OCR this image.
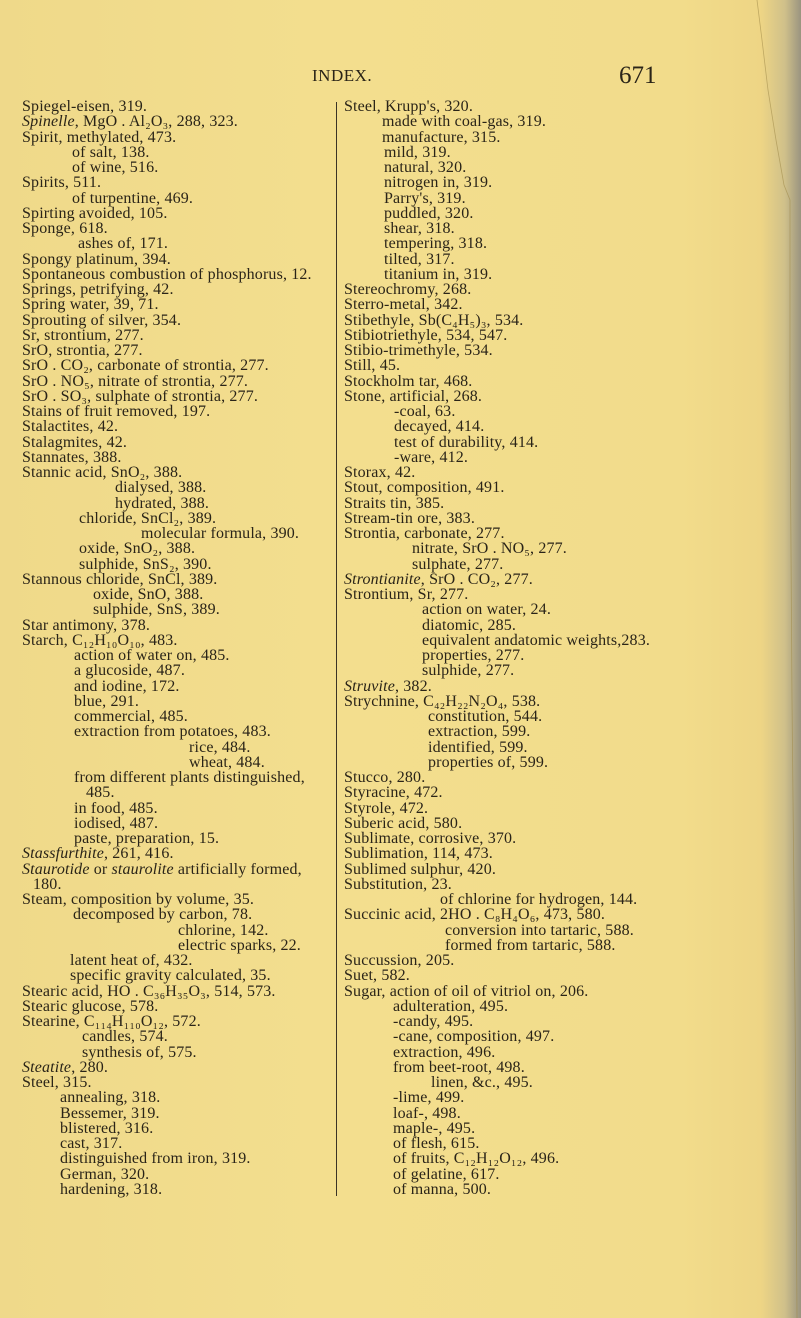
INDEX.	671
Spiegel-eisen, 319.
Spinelle, MgO . Al₂O₃, 288, 323.
Spirit, methylated, 473.
of salt, 138.
of wine, 516.
Spirits, 511.
of turpentine, 469.
Spirting avoided, 105.
Sponge, 618.
ashes of, 171.
Spongy platinum, 394.
Spontaneous combustion of phosphorus, 12.
Springs, petrifying, 42.
Spring water, 39, 71.
Sprouting of silver, 354.
Sr, strontium, 277.
SrO, strontia, 277.
SrO . CO₂, carbonate of strontia, 277.
SrO . NO₅, nitrate of strontia, 277.
SrO . SO₃, sulphate of strontia, 277.
Stains of fruit removed, 197.
Stalactites, 42.
Stalagmites, 42.
Stannates, 388.
Stannic acid, SnO₂, 388.
dialysed, 388.
hydrated, 388.
chloride, SnCl₂, 389.
molecular formula, 390.
oxide, SnO₂, 388.
sulphide, SnS₂, 390.
Stannous chloride, SnCl, 389.
oxide, SnO, 388.
sulphide, SnS, 389.
Star antimony, 378.
Starch, C₁₂H₁₀O₁₀, 483.
action of water on, 485.
a glucoside, 487.
and iodine, 172.
blue, 291.
commercial, 485.
extraction from potatoes, 483.
rice, 484.
wheat, 484.
from different plants distinguished,
485.
in food, 485.
iodised, 487.
paste, preparation, 15.
Stassfurthite, 261, 416.
Staurotide or staurolite artificially formed,
180.
Steam, composition by volume, 35.
decomposed by carbon, 78.
chlorine, 142.
electric sparks, 22.
latent heat of, 432.
specific gravity calculated, 35.
Stearic acid, HO . C₃₆H₃₅O₃, 514, 573.
Stearic glucose, 578.
Stearine, C₁₁₄H₁₁₀O₁₂, 572.
candles, 574.
synthesis of, 575.
Steatite, 280.
Steel, 315.
annealing, 318.
Bessemer, 319.
blistered, 316.
cast, 317.
distinguished from iron, 319.
German, 320.
hardening, 318.
Steel, Krupp's, 320.
made with coal-gas, 319.
manufacture, 315.
mild, 319.
natural, 320.
nitrogen in, 319.
Parry's, 319.
puddled, 320.
shear, 318.
tempering, 318.
tilted, 317.
titanium in, 319.
Stereochromy, 268.
Sterro-metal, 342.
Stibethyle, Sb(C₄H₅)₃, 534.
Stibiotriethyle, 534, 547.
Stibio-trimethyle, 534.
Still, 45.
Stockholm tar, 468.
Stone, artificial, 268.
-coal, 63.
decayed, 414.
test of durability, 414.
-ware, 412.
Storax, 42.
Stout, composition, 491.
Straits tin, 385.
Stream-tin ore, 383.
Strontia, carbonate, 277.
nitrate, SrO . NO₅, 277.
sulphate, 277.
Strontianite, SrO . CO₂, 277.
Strontium, Sr, 277.
action on water, 24.
diatomic, 285.
equivalent andatomic weights,283.
properties, 277.
sulphide, 277.
Struvite, 382.
Strychnine, C₄₂H₂₂N₂O₄, 538.
constitution, 544.
extraction, 599.
identified, 599.
properties of, 599.
Stucco, 280.
Styracine, 472.
Styrole, 472.
Suberic acid, 580.
Sublimate, corrosive, 370.
Sublimation, 114, 473.
Sublimed sulphur, 420.
Substitution, 23.
of chlorine for hydrogen, 144.
Succinic acid, 2HO . C₈H₄O₆, 473, 580.
conversion into tartaric, 588.
formed from tartaric, 588.
Succussion, 205.
Suet, 582.
Sugar, action of oil of vitriol on, 206.
adulteration, 495.
-candy, 495.
-cane, composition, 497.
extraction, 496.
from beet-root, 498.
linen, &c., 495.
-lime, 499.
loaf-, 498.
maple-, 495.
of flesh, 615.
of fruits, C₁₂H₁₂O₁₂, 496.
of gelatine, 617.
of manna, 500.
